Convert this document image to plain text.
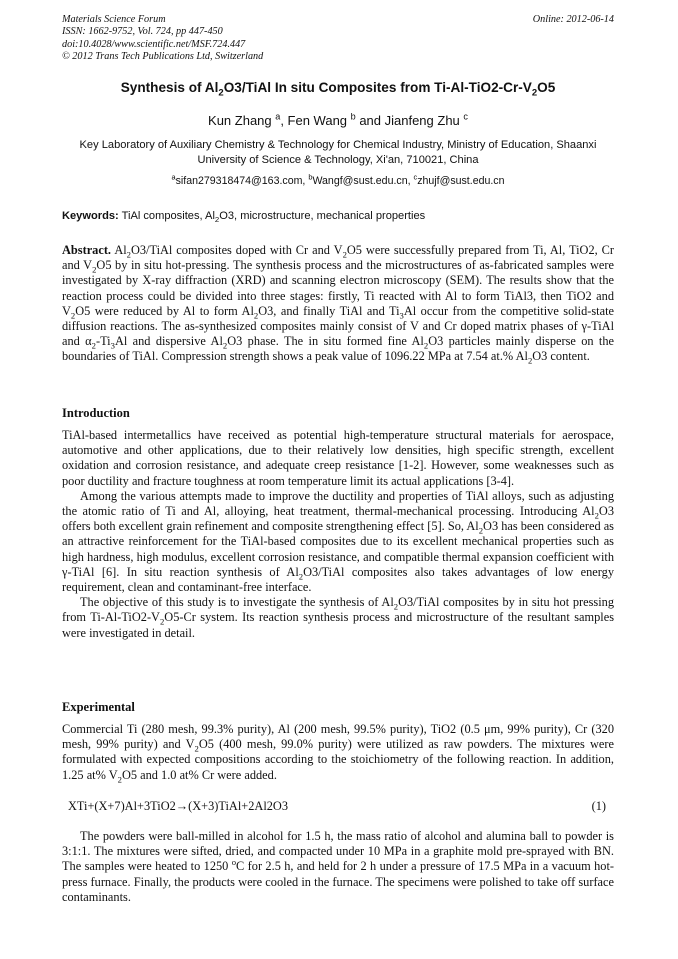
Materials Science Forum
ISSN: 1662-9752, Vol. 724, pp 447-450
doi:10.4028/www.scientific.net/MSF.724.447
© 2012 Trans Tech Publications Ltd, Switzerland
Online: 2012-06-14
Synthesis of $Al_2O3$/TiAl In situ Composites from $Ti-Al-TiO2-Cr-V_2O5$
Kun Zhang $^a$, Fen Wang $^b$ and Jianfeng Zhu $^c$
Key Laboratory of Auxiliary Chemistry & Technology for Chemical Industry, Ministry of Education, Shaanxi University of Science & Technology, Xi'an, 710021, China
$^a$sifan279318474@163.com, $^b$Wangf@sust.edu.cn, $^c$zhujf@sust.edu.cn
Keywords: TiAl composites, $Al_2O3$, microstructure, mechanical properties

Abstract. $Al_2O3$/TiAl composites doped with Cr and $V_2O5$ were successfully prepared from Ti, Al, TiO2, Cr and $V_2O5$ by in situ hot-pressing. The synthesis process and the microstructures of as-fabricated samples were investigated by X-ray diffraction (XRD) and scanning electron microscopy (SEM). The results show that the reaction process could be divided into three stages: firstly, Ti reacted with Al to form TiAl3, then TiO2 and $V_2O5$ were reduced by Al to form $Al_2O3$, and finally TiAl and $Ti_3Al$ occur from the competitive solid-state diffusion reactions. The as-synthesized composites mainly consist of V and Cr doped matrix phases of γ-TiAl and $\alpha_2-Ti_3Al$ and dispersive $Al_2O3$ phase. The in situ formed fine $Al_2O3$ particles mainly disperse on the boundaries of TiAl. Compression strength shows a peak value of 1096.22 MPa at 7.54 at.% $Al_2O3$ content.

Introduction

TiAl-based intermetallics have received as potential high-temperature structural materials for aerospace, automotive and other applications, due to their relatively low densities, high specific strength, excellent oxidation and corrosion resistance, and adequate creep resistance [1-2]. However, some weaknesses such as poor ductility and fracture toughness at room temperature limit its actual applications [3-4].

Among the various attempts made to improve the ductility and properties of TiAl alloys, such as adjusting the atomic ratio of Ti and Al, alloying, heat treatment, thermal-mechanical processing. Introducing $Al_2O3$ offers both excellent grain refinement and composite strengthening effect [5]. So, $Al_2O3$ has been considered as an attractive reinforcement for the TiAl-based composites due to its excellent mechanical properties such as high hardness, high modulus, excellent corrosion resistance, and compatible thermal expansion coefficient with γ-TiAl [6]. In situ reaction synthesis of $Al_2O3$/TiAl composites also takes advantages of low energy requirement, clean and contaminant-free interface.

The objective of this study is to investigate the synthesis of $Al_2O3$/TiAl composites by in situ hot pressing from $Ti-Al-TiO2-V_2O5-Cr$ system. Its reaction synthesis process and microstructure of the resultant samples were investigated in detail.

Experimental

Commercial Ti (280 mesh, 99.3% purity), Al (200 mesh, 99.5% purity), TiO2 (0.5 μm, 99% purity), Cr (320 mesh, 99% purity) and $V_2O5$ (400 mesh, 99.0% purity) were utilized as raw powders. The mixtures were formulated with expected compositions according to the stoichiometry of the following reaction. In addition, 1.25 at% $V_2O5$ and 1.0 at% Cr were added.

XTi+(X+7)Al+3TiO2→(X+3)TiAl+2Al2O3	(1)

The powders were ball-milled in alcohol for 1.5 h, the mass ratio of alcohol and alumina ball to powder is 3:1:1. The mixtures were sifted, dried, and compacted under 10 MPa in a graphite mold pre-sprayed with BN. The samples were heated to 1250 $^o$C for 2.5 h, and held for 2 h under a pressure of 17.5 MPa in a vacuum hot-press furnace. Finally, the products were cooled in the furnace. The specimens were polished to take off surface contaminants.
